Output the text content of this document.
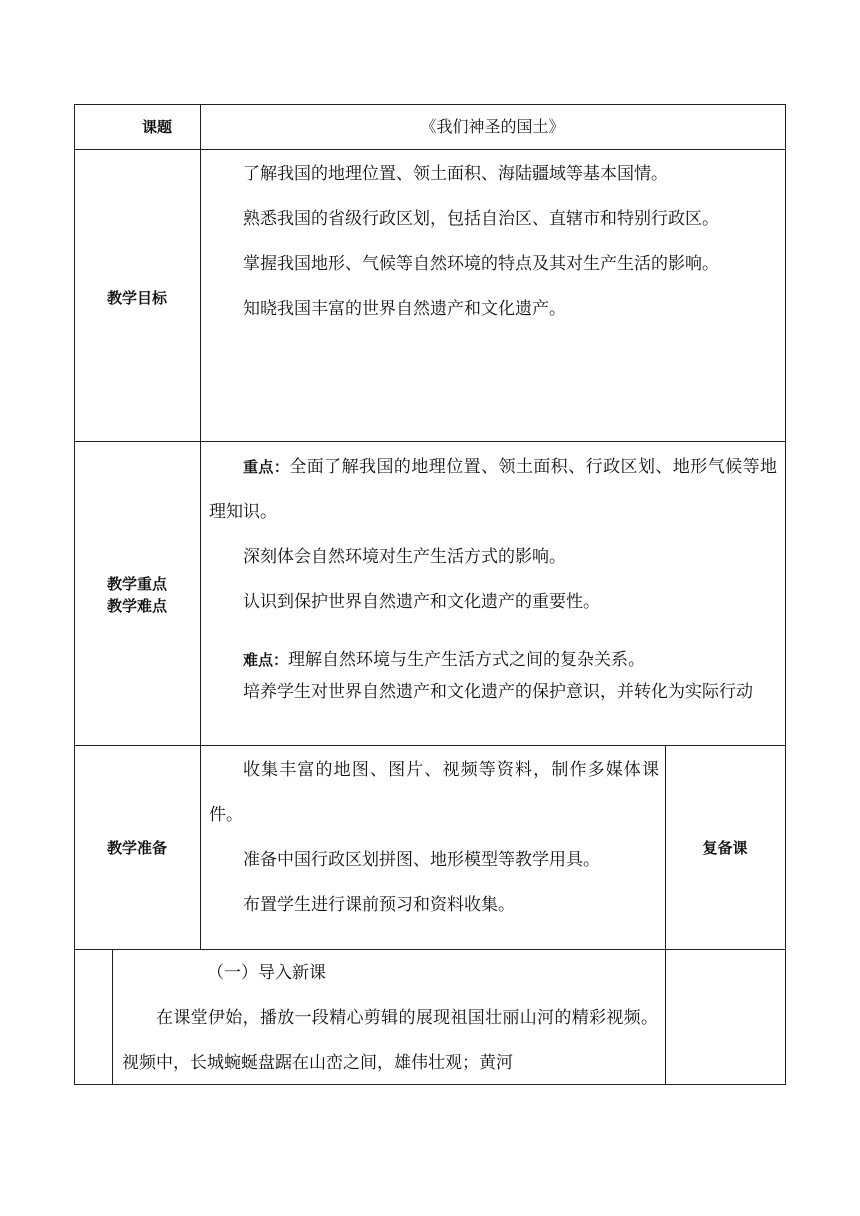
课题	《我们神圣的国土》
教学目标

了解我国的地理位置、领土面积、海陆疆域等基本国情。

熟悉我国的省级行政区划，包括自治区、直辖市和特别行政区。

掌握我国地形、气候等自然环境的特点及其对生产生活的影响。

知晓我国丰富的世界自然遗产和文化遗产。

教学重点
教学难点

重点：全面了解我国的地理位置、领土面积、行政区划、地形气候等地理知识。

深刻体会自然环境对生产生活方式的影响。

认识到保护世界自然遗产和文化遗产的重要性。

难点：理解自然环境与生产生活方式之间的复杂关系。

培养学生对世界自然遗产和文化遗产的保护意识，并转化为实际行动

教学准备

收集丰富的地图、图片、视频等资料，制作多媒体课件。

准备中国行政区划拼图、地形模型等教学用具。

布置学生进行课前预习和资料收集。

复备课

（一）导入新课

在课堂伊始，播放一段精心剪辑的展现祖国壮丽山河的精彩视频。视频中，长城蜿蜒盘踞在山峦之间，雄伟壮观；黄河
